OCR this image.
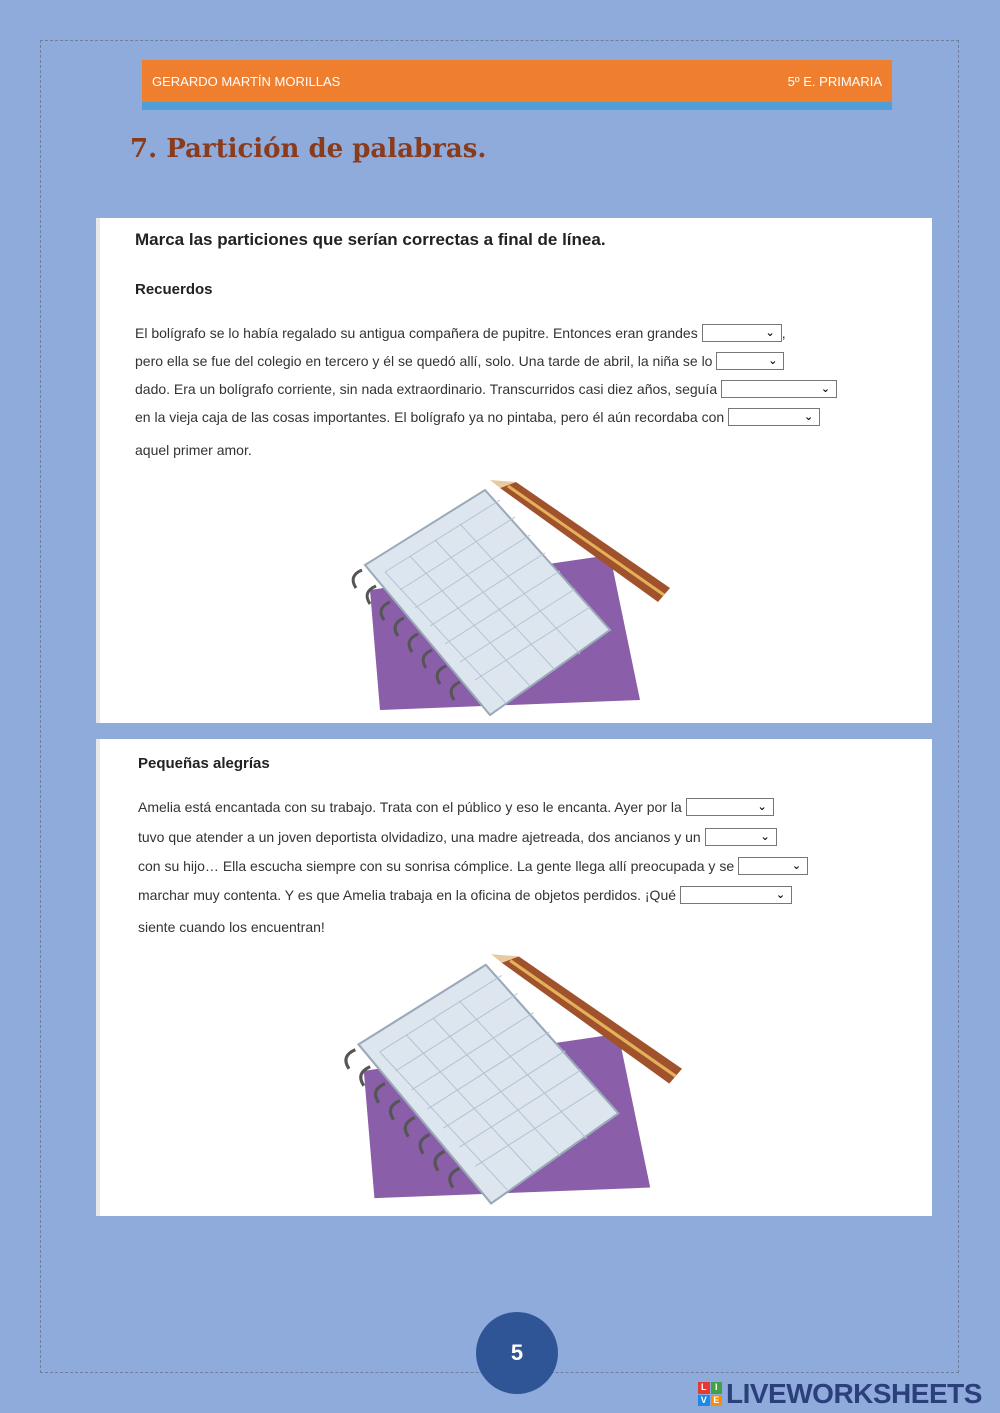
GERARDO MARTÍN MORILLAS	5º E. PRIMARIA
7. Partición de palabras.
Marca las particiones que serían correctas a final de línea.
Recuerdos
El bolígrafo se lo había regalado su antigua compañera de pupitre. Entonces eran grandes	⌄ ,
pero ella se fue del colegio en tercero y él se quedó allí, solo. Una tarde de abril, la niña se lo	⌄
dado. Era un bolígrafo corriente, sin nada extraordinario. Transcurridos casi diez años, seguía	⌄
en la vieja caja de las cosas importantes. El bolígrafo ya no pintaba, pero él aún recordaba con	⌄
aquel primer amor.
Pequeñas alegrías
Amelia está encantada con su trabajo. Trata con el público y eso le encanta. Ayer por la	⌄
tuvo que atender a un joven deportista olvidadizo, una madre ajetreada, dos ancianos y un	⌄
con su hijo… Ella escucha siempre con su sonrisa cómplice. La gente llega allí preocupada y se	⌄
marchar muy contenta. Y es que Amelia trabaja en la oficina de objetos perdidos. ¡Qué	⌄
siente cuando los encuentran!
5
L I
V E LIVEWORKSHEETS
